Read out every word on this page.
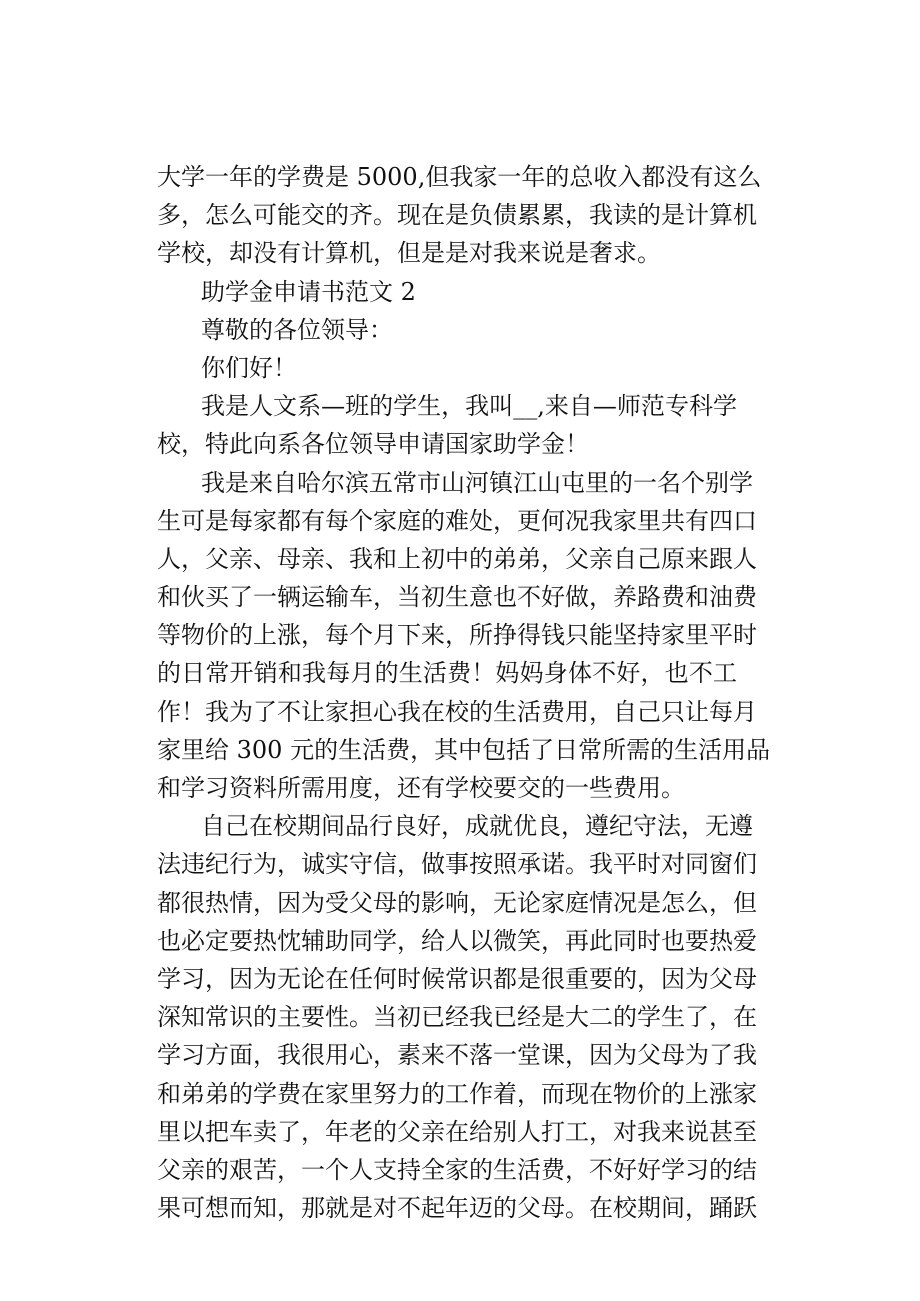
大学一年的学费是 5000,但我家一年的总收入都没有这么
多，怎么可能交的齐。现在是负债累累，我读的是计算机
学校，却没有计算机，但是是对我来说是奢求。
助学金申请书范文 2
尊敬的各位领导：
你们好！
我是人文系—班的学生，我叫__,来自—师范专科学
校，特此向系各位领导申请国家助学金！
我是来自哈尔滨五常市山河镇江山屯里的一名个别学
生可是每家都有每个家庭的难处，更何况我家里共有四口
人，父亲、母亲、我和上初中的弟弟，父亲自己原来跟人
和伙买了一辆运输车，当初生意也不好做，养路费和油费
等物价的上涨，每个月下来，所挣得钱只能坚持家里平时
的日常开销和我每月的生活费！妈妈身体不好，也不工
作！我为了不让家担心我在校的生活费用，自己只让每月
家里给 300 元的生活费，其中包括了日常所需的生活用品
和学习资料所需用度，还有学校要交的一些费用。
自己在校期间品行良好，成就优良，遵纪守法，无遵
法违纪行为，诚实守信，做事按照承诺。我平时对同窗们
都很热情，因为受父母的影响，无论家庭情况是怎么，但
也必定要热忱辅助同学，给人以微笑，再此同时也要热爱
学习，因为无论在任何时候常识都是很重要的，因为父母
深知常识的主要性。当初已经我已经是大二的学生了，在
学习方面，我很用心，素来不落一堂课，因为父母为了我
和弟弟的学费在家里努力的工作着，而现在物价的上涨家
里以把车卖了，年老的父亲在给别人打工，对我来说甚至
父亲的艰苦，一个人支持全家的生活费，不好好学习的结
果可想而知，那就是对不起年迈的父母。在校期间，踊跃
